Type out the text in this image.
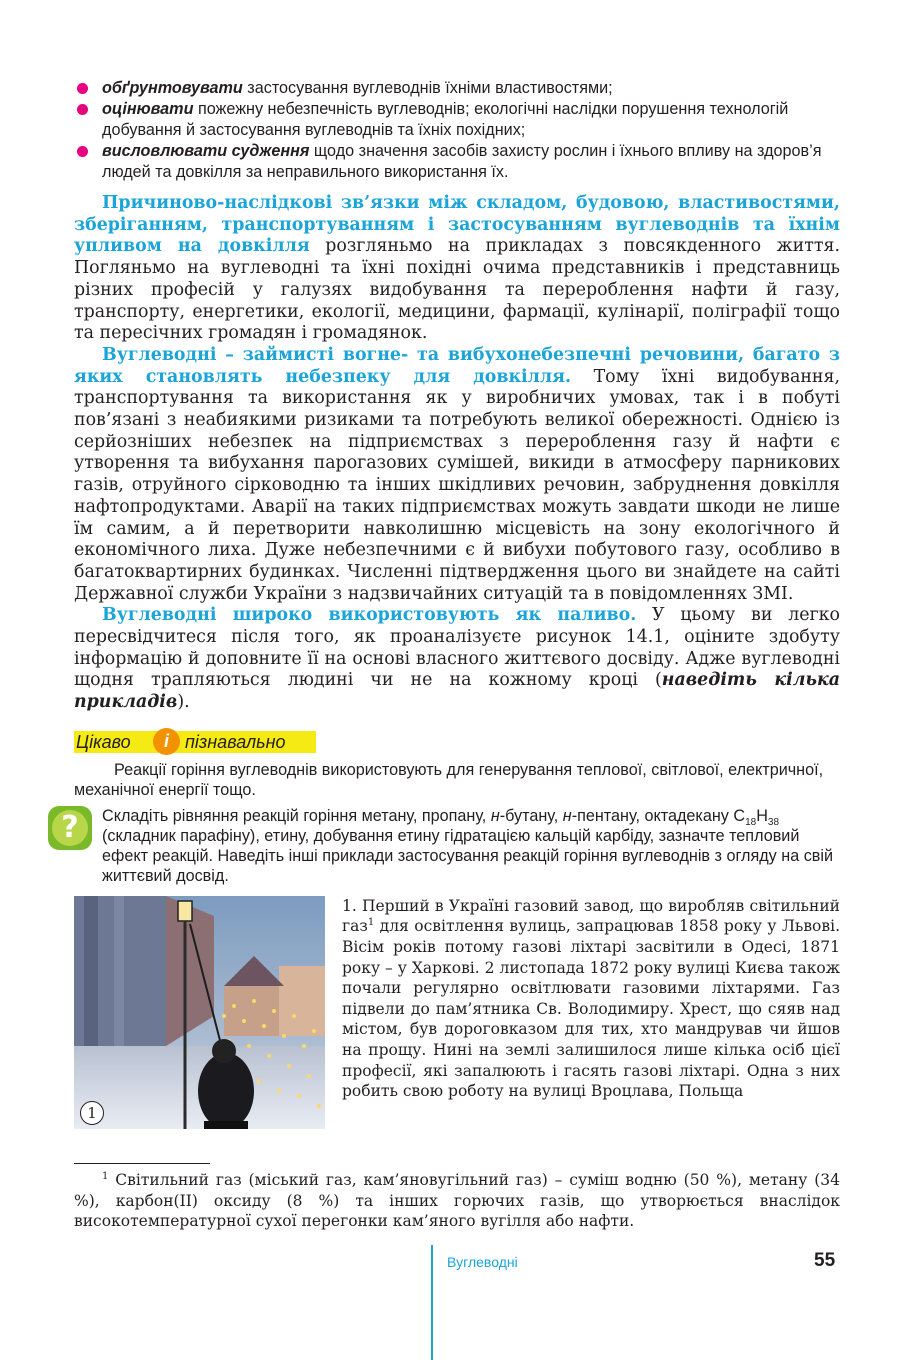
обґрунтовувати застосування вуглеводнів їхніми властивостями;
оцінювати пожежну небезпечність вуглеводнів; екологічні наслідки порушення технологій добування й застосування вуглеводнів та їхніх похідних;
висловлювати судження щодо значення засобів захисту рослин і їхнього впливу на здоров’я людей та довкілля за неправильного використання їх.

Причиново-наслідкові зв’язки між складом, будовою, властивостями, зберіганням, транспортуванням і застосуванням вуглеводнів та їхнім упливом на довкілля розгляньмо на прикладах з повсякденного життя. Погляньмо на вуглеводні та їхні похідні очима представників і представниць різних професій у галузях видобування та перероблення нафти й газу, транспорту, енергетики, екології, медицини, фармації, кулінарії, поліграфії тощо та пересічних громадян і громадянок.

Вуглеводні – займисті вогне- та вибухонебезпечні речовини, багато з яких становлять небезпеку для довкілля. Тому їхні видобування, транспортування та використання як у виробничих умовах, так і в побуті пов’язані з неабиякими ризиками та потребують великої обережності. Однією із серйозніших небезпек на підприємствах з перероблення газу й нафти є утворення та вибухання парогазових сумішей, викиди в атмосферу парникових газів, отруйного сірководню та інших шкідливих речовин, забруднення довкілля нафтопродуктами. Аварії на таких підприємствах можуть завдати шкоди не лише їм самим, а й перетворити навколишню місцевість на зону екологічного й економічного лиха. Дуже небезпечними є й вибухи побутового газу, особливо в багатоквартирних будинках. Численні підтвердження цього ви знайдете на сайті Державної служби України з надзвичайних ситуацій та в повідомленнях ЗМІ.

Вуглеводні широко використовують як паливо. У цьому ви легко пересвідчитеся після того, як проаналізуєте рисунок 14.1, оціните здобуту інформацію й доповните її на основі власного життєвого досвіду. Адже вуглеводні щодня трапляються людині чи не на кожному кроці (наведіть кілька прикладів).

Цікаво	і пізнавально

Реакції горіння вуглеводнів використовують для генерування теплової, світлової, електричної, механічної енергії тощо.

?	Складіть рівняння реакцій горіння метану, пропану, н-бутану, н-пентану, октадекану $C_{18}H_{38}$ (складник парафіну), етину, добування етину гідратацією кальцій карбіду, зазначте тепловий ефект реакцій. Наведіть інші приклади застосування реакцій горіння вуглеводнів з огляду на свій життєвий досвід.
1
1. Перший в Україні газовий завод, що виробляв світильний газ$^1$ для освітлення вулиць, запрацював 1858 року у Львові. Вісім років потому газові ліхтарі засвітили в Одесі, 1871 року – у Харкові. 2 листопада 1872 року вулиці Києва також почали регулярно освітлювати газовими ліхтарями. Газ підвели до пам’ятника Св. Володимиру. Хрест, що сяяв над містом, був дороговказом для тих, хто мандрував чи йшов на прощу. Нині на землі залишилося лише кілька осіб цієї професії, які запалюють і гасять газові ліхтарі. Одна з них робить свою роботу на вулиці Вроцлава, Польща
$^1$ Світильний газ (міський газ, кам’яновугільний газ) – суміш водню (50 %), метану (34 %), карбон(ІІ) оксиду (8 %) та інших горючих газів, що утворюється внаслідок високотемпературної сухої перегонки кам’яного вугілля або нафти.
Вуглеводні	55
